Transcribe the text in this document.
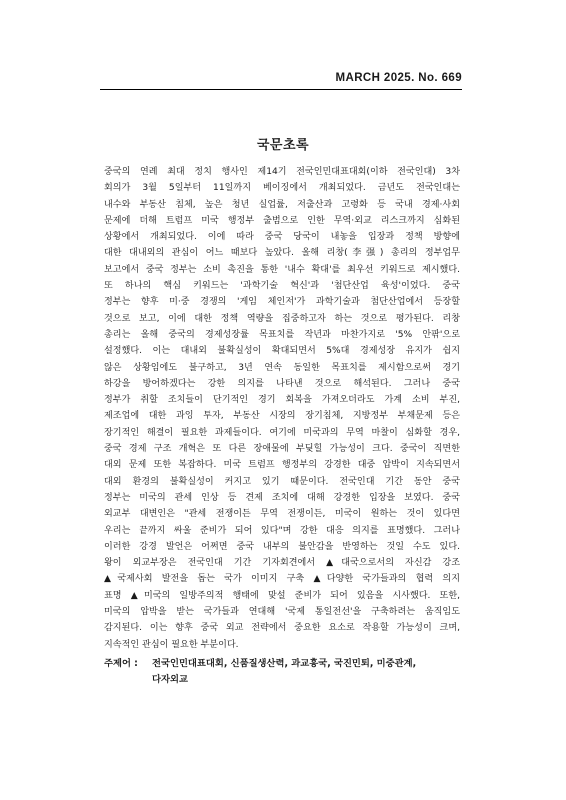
MARCH 2025. No. 669
국문초록
중국의 연례 최대 정치 행사인 제14기 전국인민대표대회(이하 전국인대) 3차
회의가 3월 5일부터 11일까지 베이징에서 개최되었다. 금년도 전국인대는
내수와 부동산 침체, 높은 청년 실업률, 저출산과 고령화 등 국내 경제·사회
문제에 더해 트럼프 미국 행정부 출범으로 인한 무역·외교 리스크까지 심화된
상황에서 개최되었다. 이에 따라 중국 당국이 내놓을 입장과 정책 방향에
대한 대내외의 관심이 어느 때보다 높았다. 올해 리창(李强) 총리의 정부업무
보고에서 중국 정부는 소비 촉진을 통한 '내수 확대'를 최우선 키워드로 제시했다.
또 하나의 핵심 키워드는 '과학기술 혁신'과 '첨단산업 육성'이었다. 중국
정부는 향후 미·중 경쟁의 '게임 체인저'가 과학기술과 첨단산업에서 등장할
것으로 보고, 이에 대한 정책 역량을 집중하고자 하는 것으로 평가된다. 리창
총리는 올해 중국의 경제성장률 목표치를 작년과 마찬가지로 '5% 안팎'으로
설정했다. 이는 대내외 불확실성이 확대되면서 5%대 경제성장 유지가 쉽지
않은 상황임에도 불구하고, 3년 연속 동일한 목표치를 제시함으로써 경기
하강을 방어하겠다는 강한 의지를 나타낸 것으로 해석된다. 그러나 중국
정부가 취할 조치들이 단기적인 경기 회복을 가져오더라도 가계 소비 부진,
제조업에 대한 과잉 투자, 부동산 시장의 장기침체, 지방정부 부채문제 등은
장기적인 해결이 필요한 과제들이다. 여기에 미국과의 무역 마찰이 심화할 경우,
중국 경제 구조 개혁은 또 다른 장애물에 부딪힐 가능성이 크다. 중국이 직면한
대외 문제 또한 복잡하다. 미국 트럼프 행정부의 강경한 대중 압박이 지속되면서
대외 환경의 불확실성이 커지고 있기 때문이다. 전국인대 기간 동안 중국
정부는 미국의 관세 인상 등 견제 조치에 대해 강경한 입장을 보였다. 중국
외교부 대변인은 "관세 전쟁이든 무역 전쟁이든, 미국이 원하는 것이 있다면
우리는 끝까지 싸울 준비가 되어 있다"며 강한 대응 의지를 표명했다. 그러나
이러한 강경 발언은 어쩌면 중국 내부의 불안감을 반영하는 것일 수도 있다.
왕이 외교부장은 전국인대 기간 기자회견에서 ▲대국으로서의 자신감 강조
▲국제사회 발전을 돕는 국가 이미지 구축 ▲다양한 국가들과의 협력 의지
표명 ▲미국의 일방주의적 행태에 맞설 준비가 되어 있음을 시사했다. 또한,
미국의 압박을 받는 국가들과 연대해 '국제 통일전선'을 구축하려는 움직임도
감지된다. 이는 향후 중국 외교 전략에서 중요한 요소로 작용할 가능성이 크며,
지속적인 관심이 필요한 부분이다.
주제어 : 전국인민대표대회, 신품질생산력, 과교흥국, 국진민퇴, 미중관계,
다자외교
